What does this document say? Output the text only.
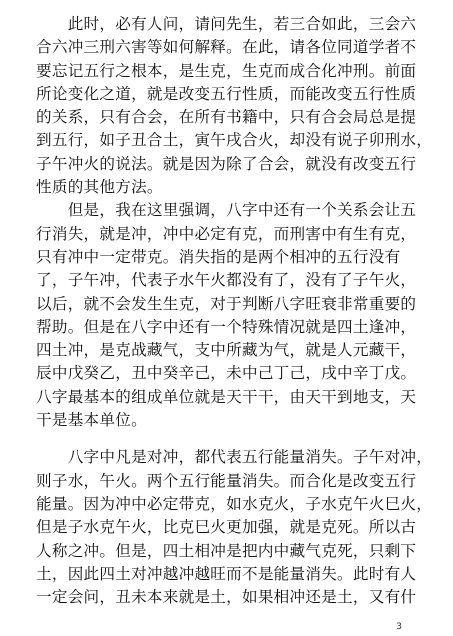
　　此时，必有人问，请问先生，若三合如此，三会六
合六冲三刑六害等如何解释。在此，请各位同道学者不
要忘记五行之根本，是生克，生克而成合化冲刑。前面
所论变化之道，就是改变五行性质，而能改变五行性质
的关系，只有合会，在所有书籍中，只有合会局总是提
到五行，如子丑合土，寅午戌合火，却没有说子卯刑水，
子午冲火的说法。就是因为除了合会，就没有改变五行
性质的其他方法。
　　但是，我在这里强调，八字中还有一个关系会让五
行消失，就是冲，冲中必定有克，而刑害中有生有克，
只有冲中一定带克。消失指的是两个相冲的五行没有
了，子午冲，代表子水午火都没有了，没有了子午火，
以后，就不会发生生克，对于判断八字旺衰非常重要的
帮助。但是在八字中还有一个特殊情况就是四土逢冲，
四土冲，是克战藏气，支中所藏为气，就是人元藏干，
辰中戊癸乙，丑中癸辛己，未中己丁己，戌中辛丁戊。
八字最基本的组成单位就是天干干，由天干到地支，天
干是基本单位。
　　八字中凡是对冲，都代表五行能量消失。子午对冲，
则子水，午火。两个五行能量消失。而合化是改变五行
能量。因为冲中必定带克，如水克火，子水克午火巳火，
但是子水克午火，比克巳火更加强，就是克死。所以古
人称之冲。但是，四土相冲是把内中藏气克死，只剩下
土，因此四土对冲越冲越旺而不是能量消失。此时有人
一定会问，丑未本来就是土，如果相冲还是土，又有什
3
